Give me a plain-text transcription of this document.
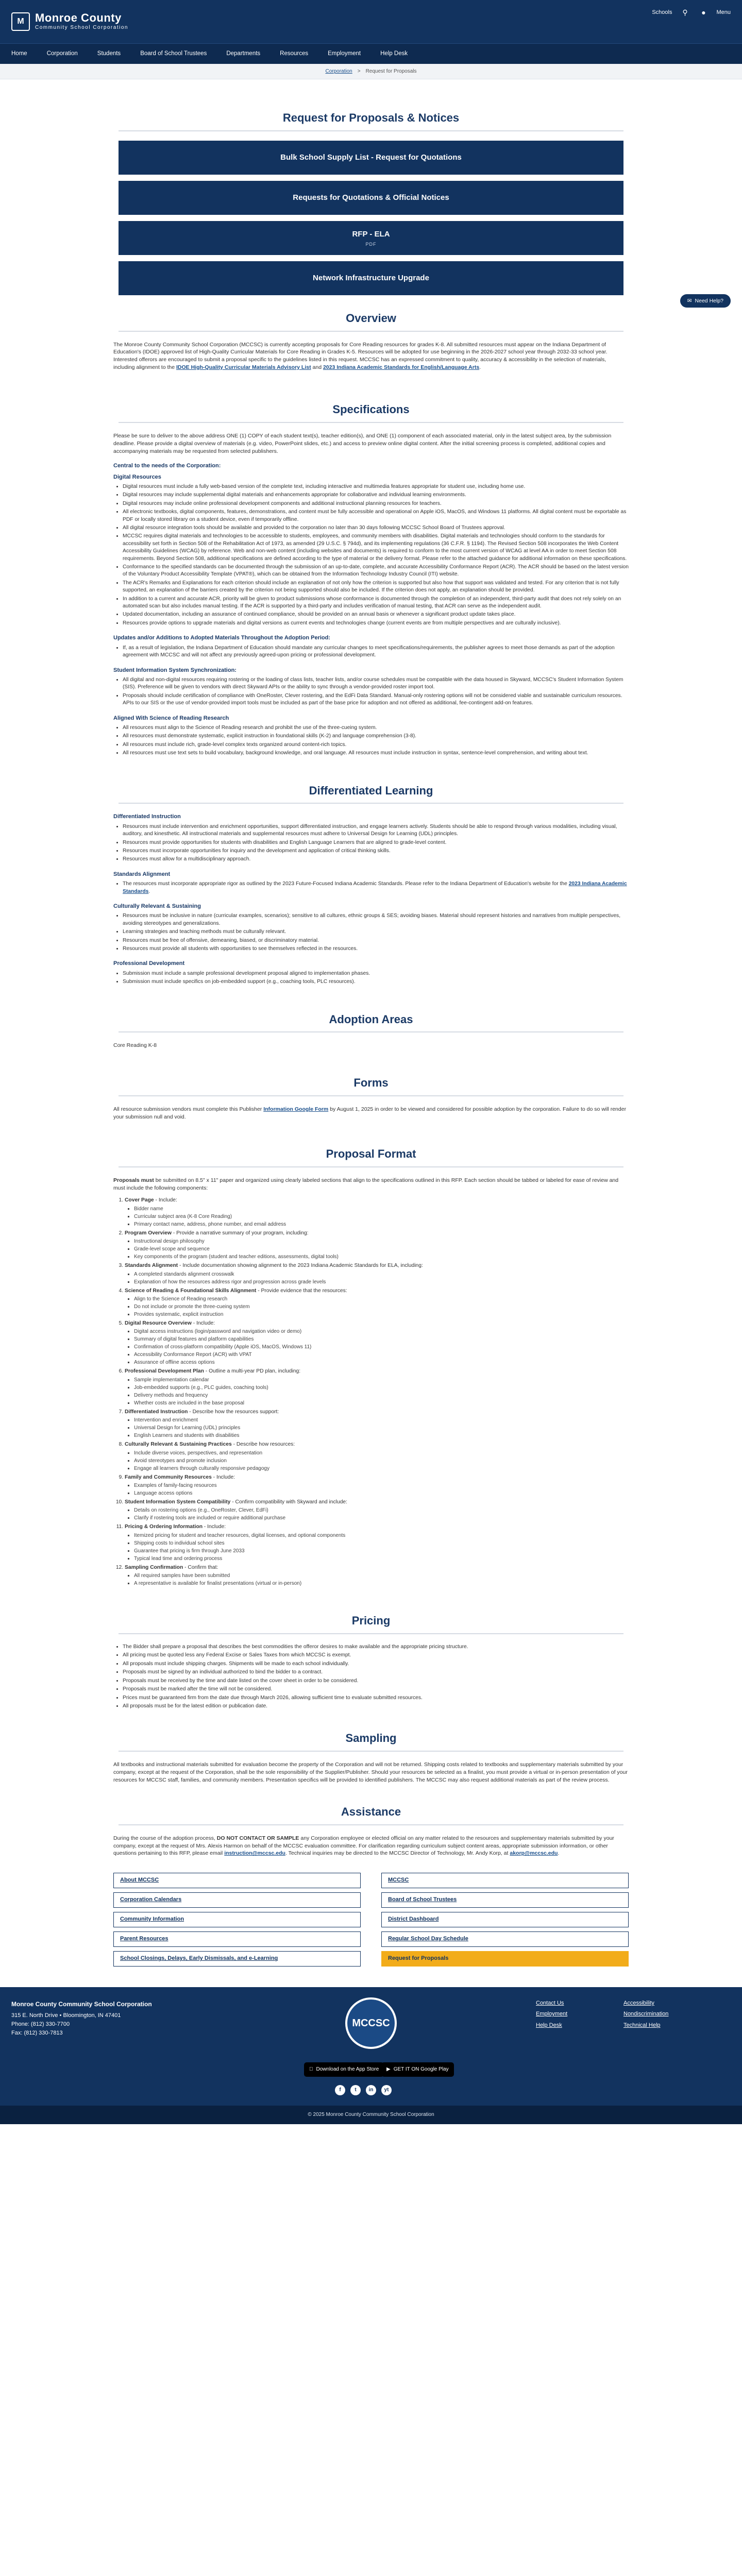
M Monroe County
Community School Corporation
Schools	⚲	●	Menu
Home	Corporation	Students	Board of School Trustees	Departments	Resources	Employment	Help Desk
Corporation > Request for Proposals
Request for Proposals & Notices
Bulk School Supply List - Request for Quotations
Requests for Quotations & Official Notices
RFP - ELA
PDF
Network Infrastructure Upgrade
✉ Need Help?
Overview

The Monroe County Community School Corporation (MCCSC) is currently accepting proposals for Core Reading resources for grades K-8. All submitted resources must appear on the Indiana Department of Education's (IDOE) approved list of High-Quality Curricular Materials for Core Reading in Grades K-5. Resources will be adopted for use beginning in the 2026-2027 school year through 2032-33 school year. Interested offerors are encouraged to submit a proposal specific to the guidelines listed in this request. MCCSC has an expressed commitment to quality, accuracy & accessibility in the selection of materials, including alignment to the IDOE High-Quality Curricular Materials Advisory List and 2023 Indiana Academic Standards for English/Language Arts.

Specifications

Please be sure to deliver to the above address ONE (1) COPY of each student text(s), teacher edition(s), and ONE (1) component of each associated material, only in the latest subject area, by the submission deadline. Please provide a digital overview of materials (e.g. video, PowerPoint slides, etc.) and access to preview online digital content. After the initial screening process is completed, additional copies and accompanying materials may be requested from selected publishers.

Central to the needs of the Corporation:
Digital Resources
• Digital resources must include a fully web-based version of the complete text, including interactive and multimedia features appropriate for student use, including home use.
• Digital resources may include supplemental digital materials and enhancements appropriate for collaborative and individual learning environments.
• Digital resources may include online professional development components and additional instructional planning resources for teachers.
• All electronic textbooks, digital components, features, demonstrations, and content must be fully accessible and operational on Apple iOS, MacOS, and Windows 11 platforms. All digital content must be exportable as PDF or locally stored library on a student device, even if temporarily offline.
• All digital resource integration tools should be available and provided to the corporation no later than 30 days following MCCSC School Board of Trustees approval.
• MCCSC requires digital materials and technologies to be accessible to students, employees, and community members with disabilities. Digital materials and technologies should conform to the standards for accessibility set forth in Section 508 of the Rehabilitation Act of 1973, as amended (29 U.S.C. § 794d), and its implementing regulations (36 C.F.R. § 1194). The Revised Section 508 incorporates the Web Content Accessibility Guidelines (WCAG) by reference. Web and non-web content (including websites and documents) is required to conform to the most current version of WCAG at level AA in order to meet Section 508 requirements. Beyond Section 508, additional specifications are defined according to the type of material or the delivery format. Please refer to the attached guidance for additional information on these specifications.
• Conformance to the specified standards can be documented through the submission of an up-to-date, complete, and accurate Accessibility Conformance Report (ACR). The ACR should be based on the latest version of the Voluntary Product Accessibility Template (VPAT®), which can be obtained from the Information Technology Industry Council (ITI) website.
• The ACR's Remarks and Explanations for each criterion should include an explanation of not only how the criterion is supported but also how that support was validated and tested. For any criterion that is not fully supported, an explanation of the barriers created by the criterion not being supported should also be included. If the criterion does not apply, an explanation should be provided.
• In addition to a current and accurate ACR, priority will be given to product submissions whose conformance is documented through the completion of an independent, third-party audit that does not rely solely on an automated scan but also includes manual testing. If the ACR is supported by a third-party and includes verification of manual testing, that ACR can serve as the independent audit.
• Updated documentation, including an assurance of continued compliance, should be provided on an annual basis or whenever a significant product update takes place.
• Resources provide options to upgrade materials and digital versions as current events and technologies change (current events are from multiple perspectives and are culturally inclusive).
Updates and/or Additions to Adopted Materials Throughout the Adoption Period:
• If, as a result of legislation, the Indiana Department of Education should mandate any curricular changes to meet specifications/requirements, the publisher agrees to meet those demands as part of the adoption agreement with MCCSC and will not affect any previously agreed-upon pricing or professional development.
Student Information System Synchronization:
• All digital and non-digital resources requiring rostering or the loading of class lists, teacher lists, and/or course schedules must be compatible with the data housed in Skyward, MCCSC's Student Information System (SIS). Preference will be given to vendors with direct Skyward APIs or the ability to sync through a vendor-provided roster import tool.
• Proposals should include certification of compliance with OneRoster, Clever rostering, and the EdFi Data Standard. Manual-only rostering options will not be considered viable and sustainable curriculum resources. APIs to our SIS or the use of vendor-provided import tools must be included as part of the base price for adoption and not offered as additional, fee-contingent add-on features.
Aligned With Science of Reading Research
• All resources must align to the Science of Reading research and prohibit the use of the three-cueing system.
• All resources must demonstrate systematic, explicit instruction in foundational skills (K-2) and language comprehension (3-8).
• All resources must include rich, grade-level complex texts organized around content-rich topics.
• All resources must use text sets to build vocabulary, background knowledge, and oral language. All resources must include instruction in syntax, sentence-level comprehension, and writing about text.
Differentiated Learning
Differentiated Instruction
• Resources must include intervention and enrichment opportunities, support differentiated instruction, and engage learners actively. Students should be able to respond through various modalities, including visual, auditory, and kinesthetic. All instructional materials and supplemental resources must adhere to Universal Design for Learning (UDL) principles.
• Resources must provide opportunities for students with disabilities and English Language Learners that are aligned to grade-level content.
• Resources must incorporate opportunities for inquiry and the development and application of critical thinking skills.
• Resources must allow for a multidisciplinary approach.
Standards Alignment
• The resources must incorporate appropriate rigor as outlined by the 2023 Future-Focused Indiana Academic Standards. Please refer to the Indiana Department of Education's website for the 2023 Indiana Academic Standards.
Culturally Relevant & Sustaining
• Resources must be inclusive in nature (curricular examples, scenarios); sensitive to all cultures, ethnic groups & SES; avoiding biases. Material should represent histories and narratives from multiple perspectives, avoiding stereotypes and generalizations.
• Learning strategies and teaching methods must be culturally relevant.
• Resources must be free of offensive, demeaning, biased, or discriminatory material.
• Resources must provide all students with opportunities to see themselves reflected in the resources.
Professional Development
• Submission must include a sample professional development proposal aligned to implementation phases.
• Submission must include specifics on job-embedded support (e.g., coaching tools, PLC resources).
Adoption Areas

Core Reading K-8

Forms

All resource submission vendors must complete this Publisher Information Google Form by August 1, 2025 in order to be viewed and considered for possible adoption by the corporation. Failure to do so will render your submission null and void.

Proposal Format

Proposals must be submitted on 8.5" x 11" paper and organized using clearly labeled sections that align to the specifications outlined in this RFP. Each section should be tabbed or labeled for ease of review and must include the following components:

1. Cover Page - Include:
▪ Bidder name
▪ Curricular subject area (K-8 Core Reading)
▪ Primary contact name, address, phone number, and email address
2. Program Overview - Provide a narrative summary of your program, including:
▪ Instructional design philosophy
▪ Grade-level scope and sequence
▪ Key components of the program (student and teacher editions, assessments, digital tools)
3. Standards Alignment - Include documentation showing alignment to the 2023 Indiana Academic Standards for ELA, including:
▪ A completed standards alignment crosswalk
▪ Explanation of how the resources address rigor and progression across grade levels
4. Science of Reading & Foundational Skills Alignment - Provide evidence that the resources:
▪ Align to the Science of Reading research
▪ Do not include or promote the three-cueing system
▪ Provides systematic, explicit instruction
5. Digital Resource Overview - Include:
▪ Digital access instructions (login/password and navigation video or demo)
▪ Summary of digital features and platform capabilities
▪ Confirmation of cross-platform compatibility (Apple iOS, MacOS, Windows 11)
▪ Accessibility Conformance Report (ACR) with VPAT
▪ Assurance of offline access options
6. Professional Development Plan - Outline a multi-year PD plan, including:
▪ Sample implementation calendar
▪ Job-embedded supports (e.g., PLC guides, coaching tools)
▪ Delivery methods and frequency
▪ Whether costs are included in the base proposal
7. Differentiated Instruction - Describe how the resources support:
▪ Intervention and enrichment
▪ Universal Design for Learning (UDL) principles
▪ English Learners and students with disabilities
8. Culturally Relevant & Sustaining Practices - Describe how resources:
▪ Include diverse voices, perspectives, and representation
▪ Avoid stereotypes and promote inclusion
▪ Engage all learners through culturally responsive pedagogy
9. Family and Community Resources - Include:
▪ Examples of family-facing resources
▪ Language access options
10. Student Information System Compatibility - Confirm compatibility with Skyward and include:
▪ Details on rostering options (e.g., OneRoster, Clever, EdFi)
▪ Clarify if rostering tools are included or require additional purchase
11. Pricing & Ordering Information - Include:
▪ Itemized pricing for student and teacher resources, digital licenses, and optional components
▪ Shipping costs to individual school sites
▪ Guarantee that pricing is firm through June 2033
▪ Typical lead time and ordering process
12. Sampling Confirmation - Confirm that:
▪ All required samples have been submitted
▪ A representative is available for finalist presentations (virtual or in-person)
Pricing
• The Bidder shall prepare a proposal that describes the best commodities the offeror desires to make available and the appropriate pricing structure.
• All pricing must be quoted less any Federal Excise or Sales Taxes from which MCCSC is exempt.
• All proposals must include shipping charges. Shipments will be made to each school individually.
• Proposals must be signed by an individual authorized to bind the bidder to a contract.
• Proposals must be received by the time and date listed on the cover sheet in order to be considered.
• Proposals must be marked after the time will not be considered.
• Prices must be guaranteed firm from the date due through March 2026, allowing sufficient time to evaluate submitted resources.
• All proposals must be for the latest edition or publication date.
Sampling

All textbooks and instructional materials submitted for evaluation become the property of the Corporation and will not be returned. Shipping costs related to textbooks and supplementary materials submitted by your company, except at the request of the Corporation, shall be the sole responsibility of the Supplier/Publisher. Should your resources be selected as a finalist, you must provide a virtual or in-person presentation of your resources for MCCSC staff, families, and community members. Presentation specifics will be provided to identified publishers. The MCCSC may also request additional materials as part of the review process.

Assistance

During the course of the adoption process, DO NOT CONTACT OR SAMPLE any Corporation employee or elected official on any matter related to the resources and supplementary materials submitted by your company, except at the request of Mrs. Alexis Harmon on behalf of the MCCSC evaluation committee. For clarification regarding curriculum subject content areas, appropriate submission information, or other questions pertaining to this RFP, please email instruction@mccsc.edu. Technical inquiries may be directed to the MCCSC Director of Technology, Mr. Andy Korp, at akorp@mccsc.edu.

About MCCSC	MCCSC
Corporation Calendars	Board of School Trustees
Community Information	District Dashboard
Parent Resources	Regular School Day Schedule
School Closings, Delays, Early Dismissals, and e-Learning	Request for Proposals
Monroe County Community School Corporation
315 E. North Drive • Bloomington, IN 47401
Phone: (812) 330-7700
Fax: (812) 330-7813
MCCSC
Download on the App Store ▶ GET IT ON Google Play
f	t	in	yt
Contact Us	Accessibility
Employment	Nondiscrimination
Help Desk	Technical Help
© 2025 Monroe County Community School Corporation
